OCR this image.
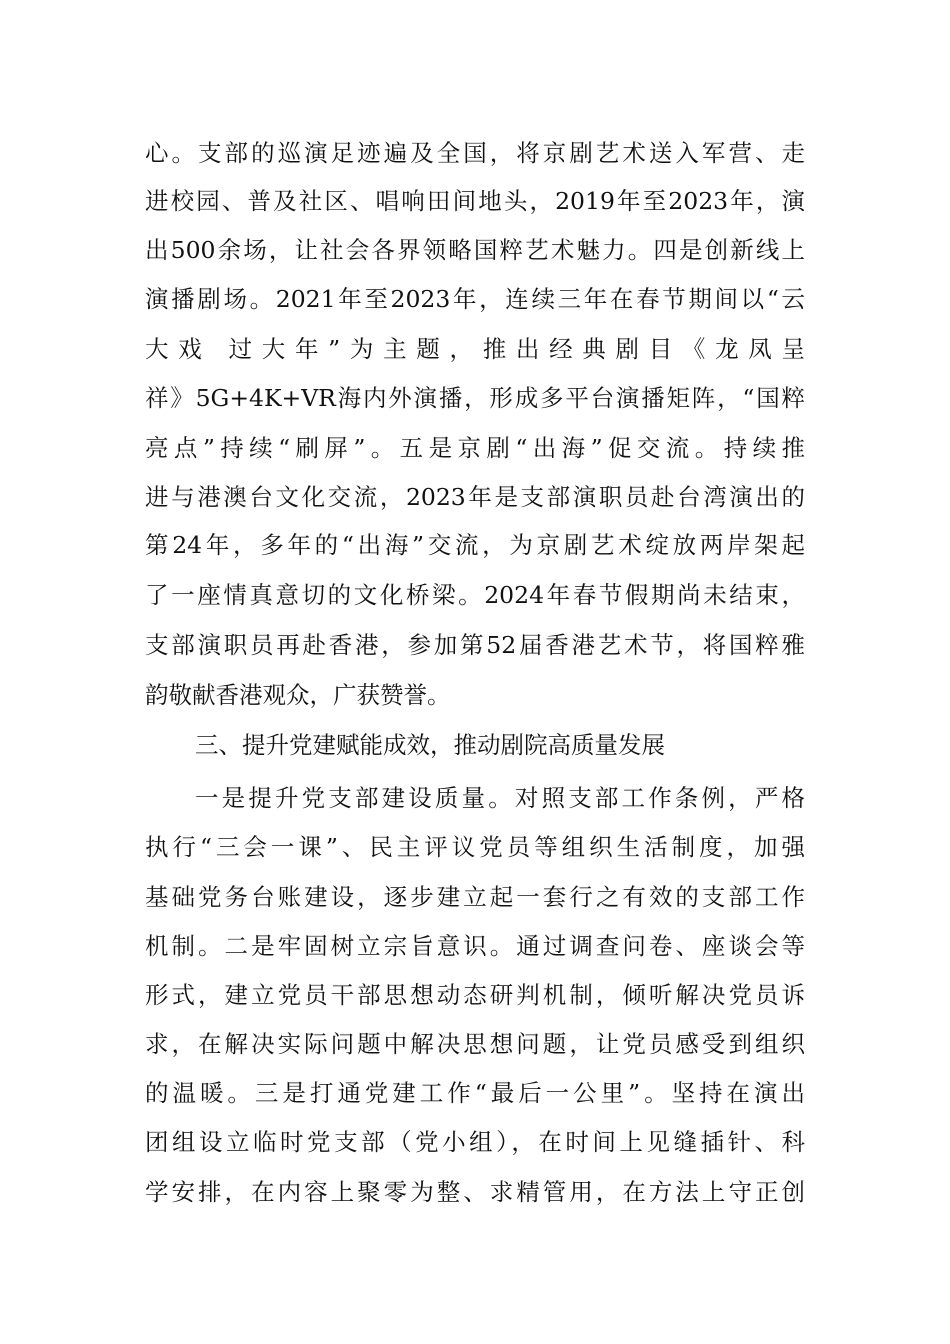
心。支部的巡演足迹遍及全国，将京剧艺术送入军营、走
进校园、普及社区、唱响田间地头，2019年至2023年，演
出500余场，让社会各界领略国粹艺术魅力。四是创新线上
演播剧场。2021年至2023年，连续三年在春节期间以“云
大戏 过大年”为主题，推出经典剧目《龙凤呈
祥》5G+4K+VR海内外演播，形成多平台演播矩阵，“国粹
亮点”持续“刷屏”。五是京剧“出海”促交流。持续推
进与港澳台文化交流，2023年是支部演职员赴台湾演出的
第24年，多年的“出海”交流，为京剧艺术绽放两岸架起
了一座情真意切的文化桥梁。2024年春节假期尚未结束，
支部演职员再赴香港，参加第52届香港艺术节，将国粹雅
韵敬献香港观众，广获赞誉。
三、提升党建赋能成效，推动剧院高质量发展
一是提升党支部建设质量。对照支部工作条例，严格
执行“三会一课”、民主评议党员等组织生活制度，加强
基础党务台账建设，逐步建立起一套行之有效的支部工作
机制。二是牢固树立宗旨意识。通过调查问卷、座谈会等
形式，建立党员干部思想动态研判机制，倾听解决党员诉
求，在解决实际问题中解决思想问题，让党员感受到组织
的温暖。三是打通党建工作“最后一公里”。坚持在演出
团组设立临时党支部（党小组），在时间上见缝插针、科
学安排，在内容上聚零为整、求精管用，在方法上守正创
